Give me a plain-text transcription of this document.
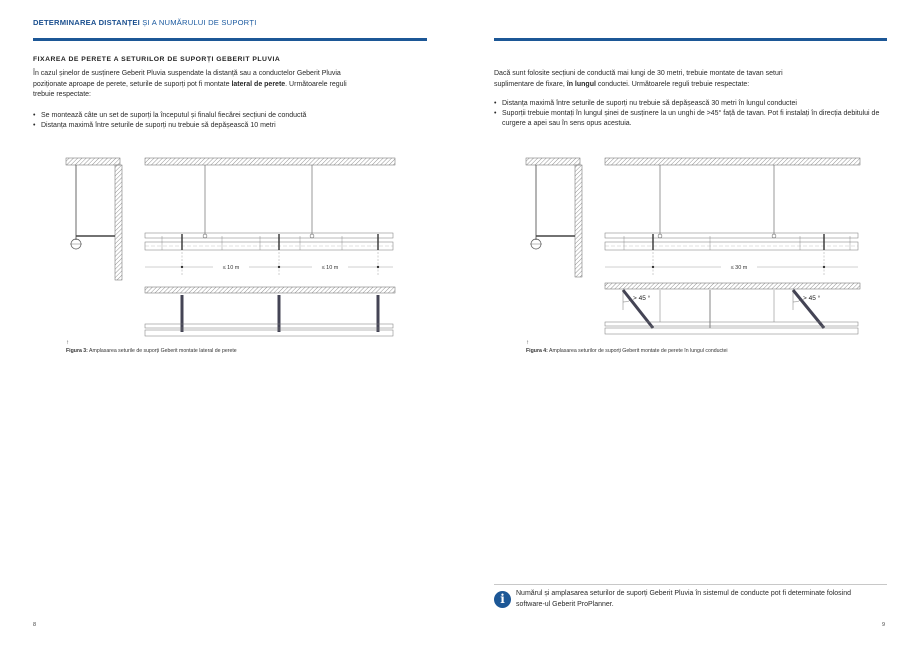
DETERMINAREA DISTANȚEI ȘI A NUMĂRULUI DE SUPORȚI
FIXAREA DE PERETE A SETURILOR DE SUPORȚI GEBERIT PLUVIA
În cazul șinelor de susținere Geberit Pluvia suspendate la distanță sau a conductelor Geberit Pluvia
poziționate aproape de perete, seturile de suporți pot fi montate lateral de perete. Următoarele reguli
trebuie respectate:
• Se montează câte un set de suporți la începutul și finalul fiecărei secțiuni de conductă
• Distanța maximă între seturile de suporți nu trebuie să depășească 10 metri
≤ 10 m	≤ 10 m
↑
Figura 3: Amplasarea seturile de suporți Geberit montate lateral de perete
8
Dacă sunt folosite secțiuni de conductă mai lungi de 30 metri, trebuie montate de tavan seturi
suplimentare de fixare, în lungul conductei. Următoarele reguli trebuie respectate:
• Distanța maximă între seturile de suporți nu trebuie să depășească 30 metri în lungul conductei
• Suporții trebuie montați în lungul șinei de susținere la un unghi de >45° față de tavan. Pot fi instalați în direcția debitului de curgere a apei sau în sens opus acestuia.
≤ 30 m
> 45 °	> 45 °
↑
Figura 4: Amplasarea seturilor de suporți Geberit montate de perete în lungul conductei
i	Numărul și amplasarea seturilor de suporți Geberit Pluvia în sistemul de conducte pot fi determinate folosind software-ul Geberit ProPlanner.
9
